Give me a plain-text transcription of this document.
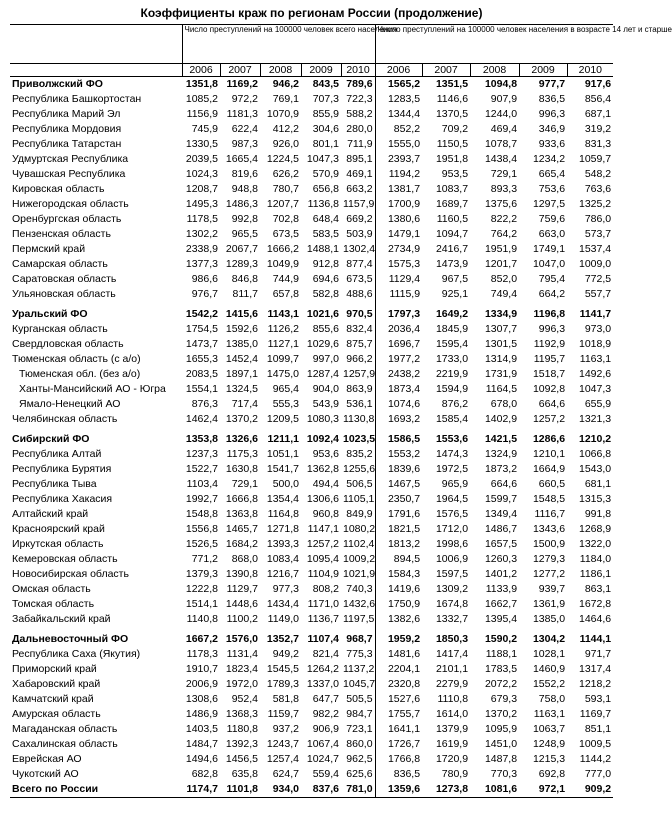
Коэффициенты краж по регионам России (продолжение)
	Число преступлений на 100000 человек всего населения					Число преступлений на 100000 человек населения в возрасте 14 лет и старше				
	2006	2007	2008	2009	2010	2006	2007	2008	2009	2010
Приволжский ФО	1351,8	1169,2	946,2	843,5	789,6	1565,2	1351,5	1094,8	977,7	917,6
Республика Башкортостан	1085,2	972,2	769,1	707,3	722,3	1283,5	1146,6	907,9	836,5	856,4
Республика Марий Эл	1156,9	1181,3	1070,9	855,9	588,2	1344,4	1370,5	1244,0	996,3	687,1
Республика Мордовия	745,9	622,4	412,2	304,6	280,0	852,2	709,2	469,4	346,9	319,2
Республика Татарстан	1330,5	987,3	926,0	801,1	711,9	1555,0	1150,5	1078,7	933,6	831,3
Удмуртская Республика	2039,5	1665,4	1224,5	1047,3	895,1	2393,7	1951,8	1438,4	1234,2	1059,7
Чувашская Республика	1024,3	819,6	626,2	570,9	469,1	1194,2	953,5	729,1	665,4	548,2
Кировская область	1208,7	948,8	780,7	656,8	663,2	1381,7	1083,7	893,3	753,6	763,6
Нижегородская область	1495,3	1486,3	1207,7	1136,8	1157,9	1700,9	1689,7	1375,6	1297,5	1325,2
Оренбургская область	1178,5	992,8	702,8	648,4	669,2	1380,6	1160,5	822,2	759,6	786,0
Пензенская область	1302,2	965,5	673,5	583,5	503,9	1479,1	1094,7	764,2	663,0	573,7
Пермский край	2338,9	2067,7	1666,2	1488,1	1302,4	2734,9	2416,7	1951,9	1749,1	1537,4
Самарская область	1377,3	1289,3	1049,9	912,8	877,4	1575,3	1473,9	1201,7	1047,0	1009,0
Саратовская область	986,6	846,8	744,9	694,6	673,5	1129,4	967,5	852,0	795,4	772,5
Ульяновская область	976,7	811,7	657,8	582,8	488,6	1115,9	925,1	749,4	664,2	557,7

Уральский ФО	1542,2	1415,6	1143,1	1021,6	970,5	1797,3	1649,2	1334,9	1196,8	1141,7
Курганская область	1754,5	1592,6	1126,2	855,6	832,4	2036,4	1845,9	1307,7	996,3	973,0
Свердловская область	1473,7	1385,0	1127,1	1029,6	875,7	1696,7	1595,4	1301,5	1192,9	1018,9
Тюменская область (с а/о)	1655,3	1452,4	1099,7	997,0	966,2	1977,2	1733,0	1314,9	1195,7	1163,1
Тюменская обл. (без а/о)	2083,5	1897,1	1475,0	1287,4	1257,9	2438,2	2219,9	1731,9	1518,7	1492,6
Ханты-Мансийский АО - Югра	1554,1	1324,5	965,4	904,0	863,9	1873,4	1594,9	1164,5	1092,8	1047,3
Ямало-Ненецкий АО	876,3	717,4	555,3	543,9	536,1	1074,6	876,2	678,0	664,6	655,9
Челябинская область	1462,4	1370,2	1209,5	1080,3	1130,8	1693,2	1585,4	1402,9	1257,2	1321,3

Сибирский ФО	1353,8	1326,6	1211,1	1092,4	1023,5	1586,5	1553,6	1421,5	1286,6	1210,2
Республика Алтай	1237,3	1175,3	1051,1	953,6	835,2	1553,2	1474,3	1324,9	1210,1	1066,8
Республика Бурятия	1522,7	1630,8	1541,7	1362,8	1255,6	1839,6	1972,5	1873,2	1664,9	1543,0
Республика Тыва	1103,4	729,1	500,0	494,4	506,5	1467,5	965,9	664,6	660,5	681,1
Республика Хакасия	1992,7	1666,8	1354,4	1306,6	1105,1	2350,7	1964,5	1599,7	1548,5	1315,3
Алтайский край	1548,8	1363,8	1164,8	960,8	849,9	1791,6	1576,5	1349,4	1116,7	991,8
Красноярский край	1556,8	1465,7	1271,8	1147,1	1080,2	1821,5	1712,0	1486,7	1343,6	1268,9
Иркутская область	1526,5	1684,2	1393,3	1257,2	1102,4	1813,2	1998,6	1657,5	1500,9	1322,0
Кемеровская область	771,2	868,0	1083,4	1095,4	1009,2	894,5	1006,9	1260,3	1279,3	1184,0
Новосибирская область	1379,3	1390,8	1216,7	1104,9	1021,9	1584,3	1597,5	1401,2	1277,2	1186,1
Омская область	1222,8	1129,7	977,3	808,2	740,3	1419,6	1309,2	1133,9	939,7	863,1
Томская область	1514,1	1448,6	1434,4	1171,0	1432,6	1750,9	1674,8	1662,7	1361,9	1672,8
Забайкальский край	1140,8	1100,2	1149,0	1136,7	1197,5	1382,6	1332,7	1395,4	1385,0	1464,6

Дальневосточный ФО	1667,2	1576,0	1352,7	1107,4	968,7	1959,2	1850,3	1590,2	1304,2	1144,1
Республика Саха (Якутия)	1178,3	1131,4	949,2	821,4	775,3	1481,6	1417,4	1188,1	1028,1	971,7
Приморский край	1910,7	1823,4	1545,5	1264,2	1137,2	2204,1	2101,1	1783,5	1460,9	1317,4
Хабаровский край	2006,9	1972,0	1789,3	1337,0	1045,7	2320,8	2279,9	2072,2	1552,2	1218,2
Камчатский край	1308,6	952,4	581,8	647,7	505,5	1527,6	1110,8	679,3	758,0	593,1
Амурская область	1486,9	1368,3	1159,7	982,2	984,7	1755,7	1614,0	1370,2	1163,1	1169,7
Магаданская область	1403,5	1180,8	937,2	906,9	723,1	1641,1	1379,9	1095,9	1063,7	851,1
Сахалинская область	1484,7	1392,3	1243,7	1067,4	860,0	1726,7	1619,9	1451,0	1248,9	1009,5
Еврейская АО	1494,6	1456,5	1257,4	1024,7	962,5	1766,8	1720,9	1487,8	1215,3	1144,2
Чукотский АО	682,8	635,8	624,7	559,4	625,6	836,5	780,9	770,3	692,8	777,0
Всего по России	1174,7	1101,8	934,0	837,6	781,0	1359,6	1273,8	1081,6	972,1	909,2
